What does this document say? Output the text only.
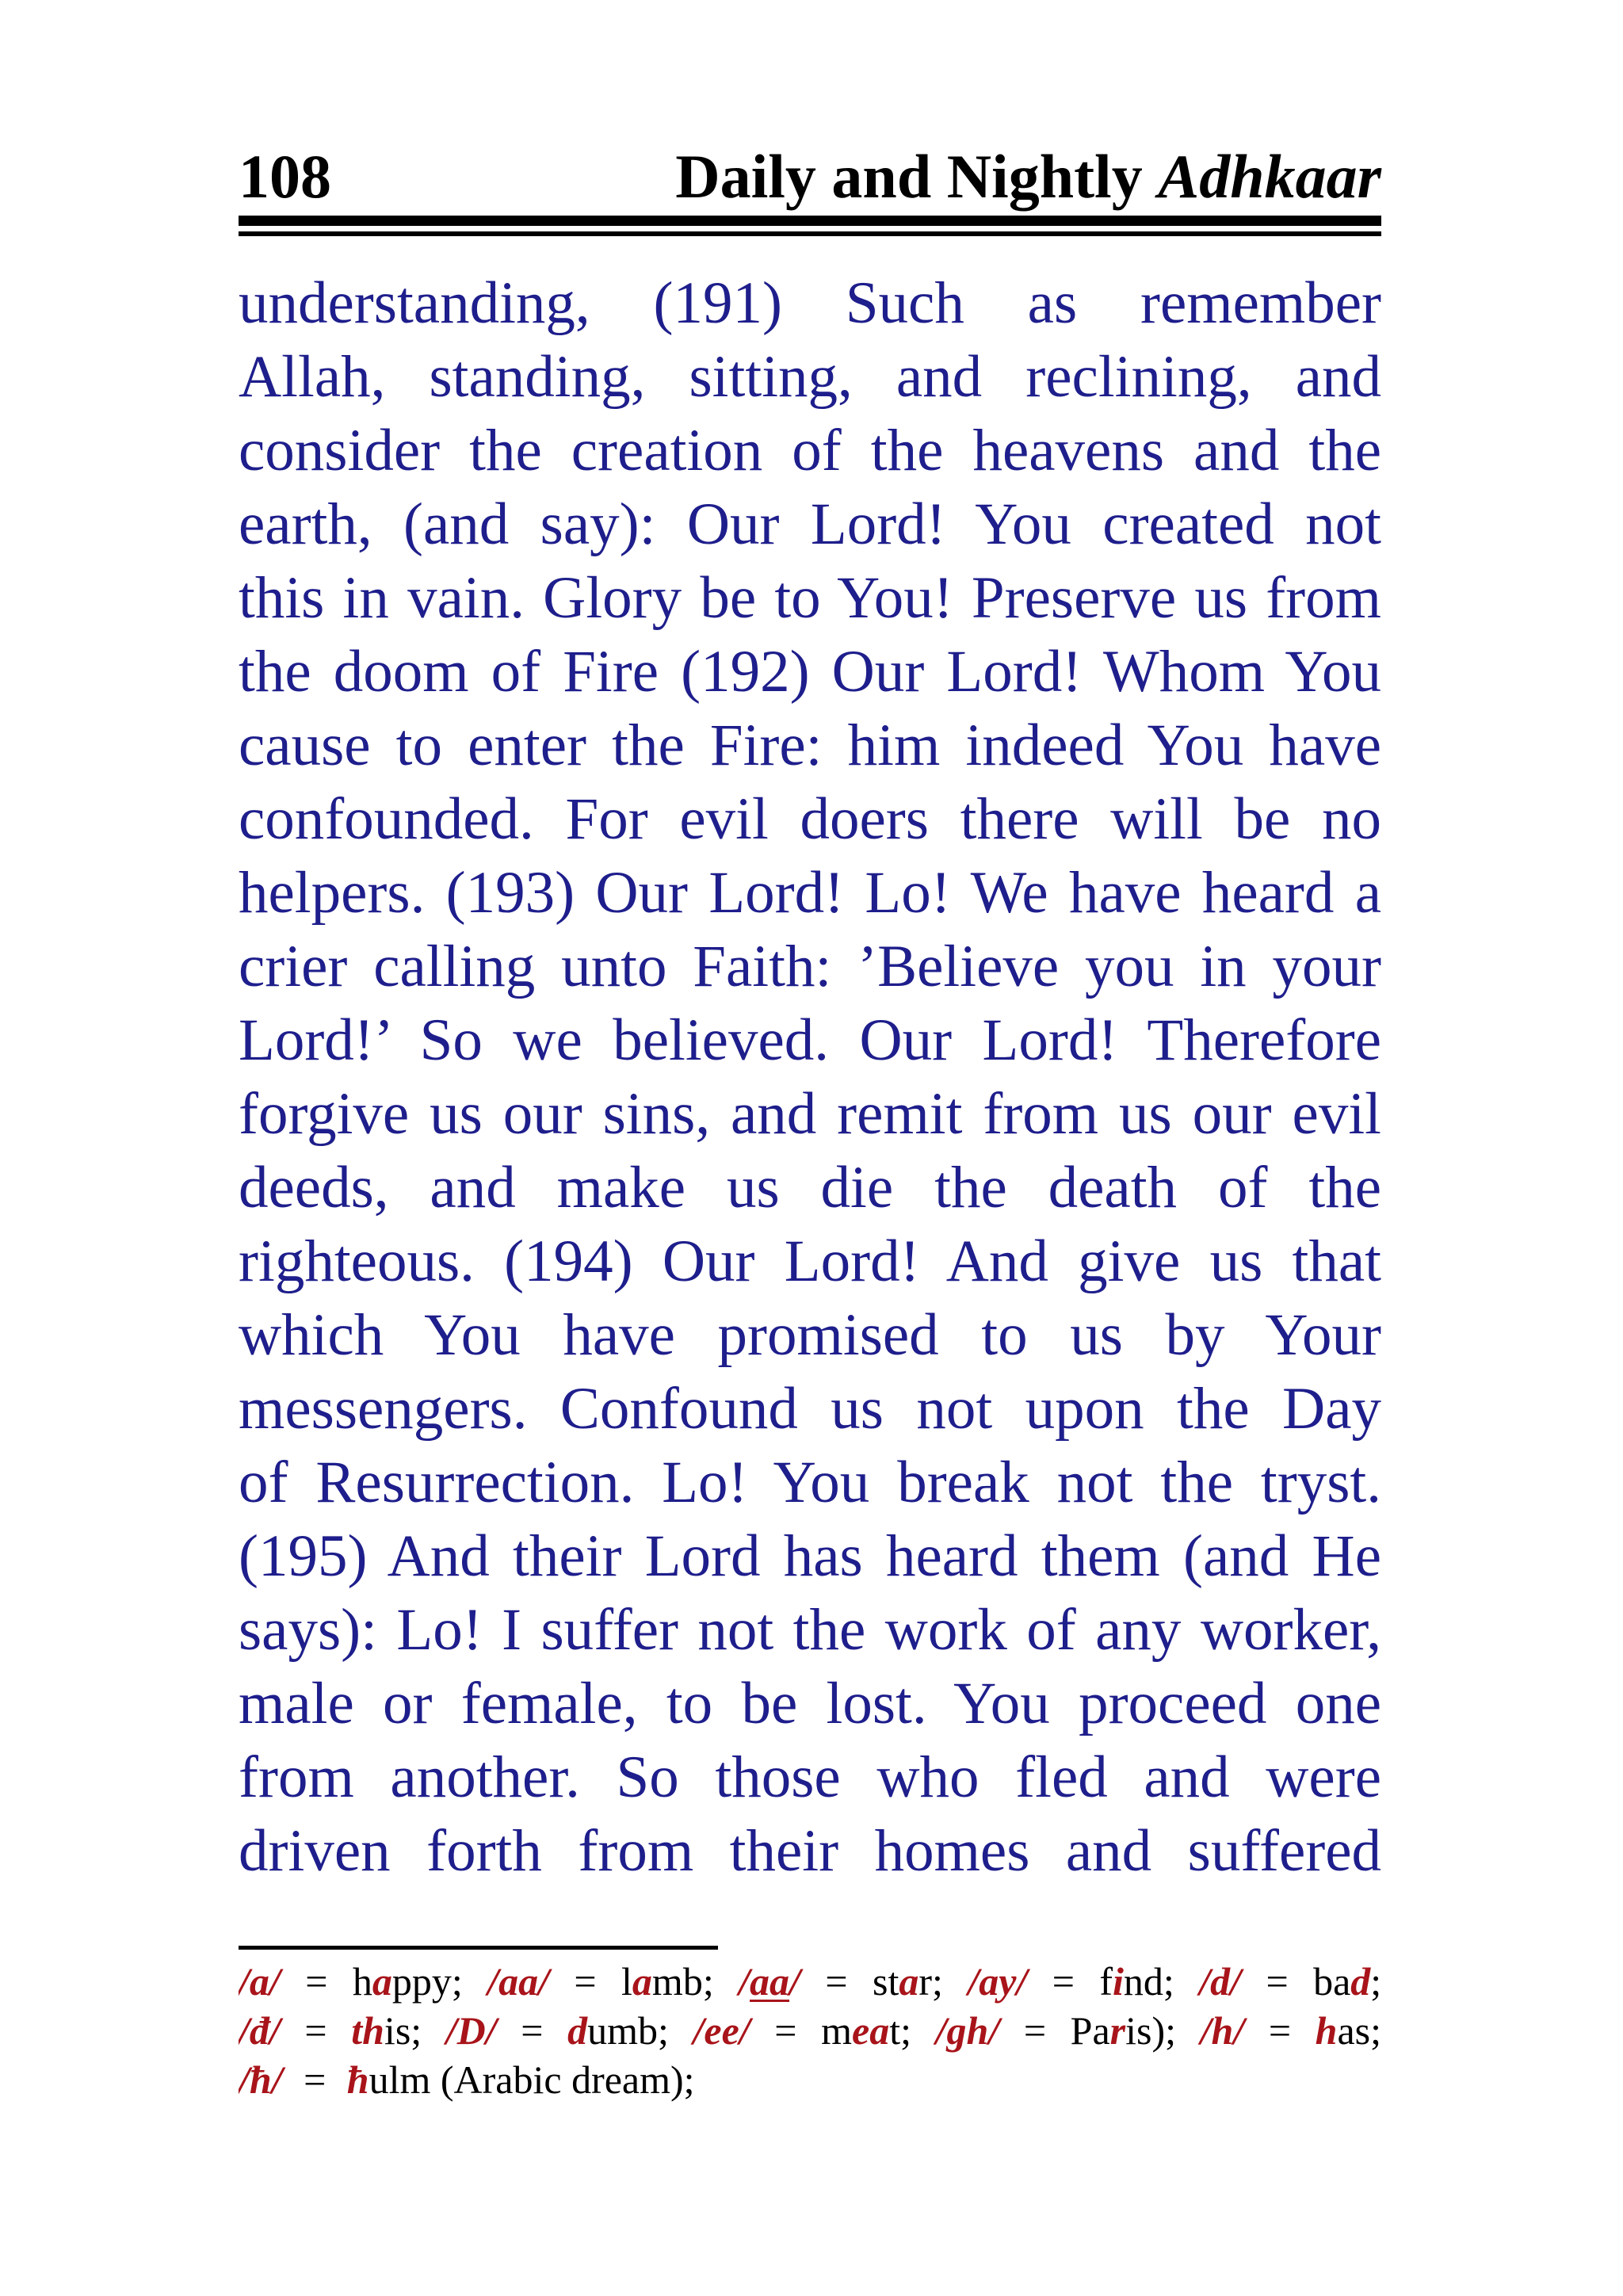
108	Daily and Nightly Adhkaar
understanding, (191) Such as remember
Allah, standing, sitting, and reclining, and
consider the creation of the heavens and the
earth, (and say): Our Lord! You created not
this in vain. Glory be to You! Preserve us from
the doom of Fire (192) Our Lord! Whom You
cause to enter the Fire: him indeed You have
confounded. For evil doers there will be no
helpers. (193) Our Lord! Lo! We have heard a
crier calling unto Faith: ’Believe you in your
Lord!’ So we believed. Our Lord! Therefore
forgive us our sins, and remit from us our evil
deeds, and make us die the death of the
righteous. (194) Our Lord! And give us that
which You have promised to us by Your
messengers. Confound us not upon the Day
of Resurrection. Lo! You break not the tryst.
(195) And their Lord has heard them (and He
says): Lo! I suffer not the work of any worker,
male or female, to be lost. You proceed one
from another. So those who fled and were
driven forth from their homes and suffered
/a/ = happy; /aa/ = lamb; /aa/ = star; /ay/ = find; /d/ = bad;
/đ/ = this; /D/ = dumb; /ee/ = meat; /gh/ = Paris); /h/ = has;
/ħ/ = ħulm (Arabic dream);
